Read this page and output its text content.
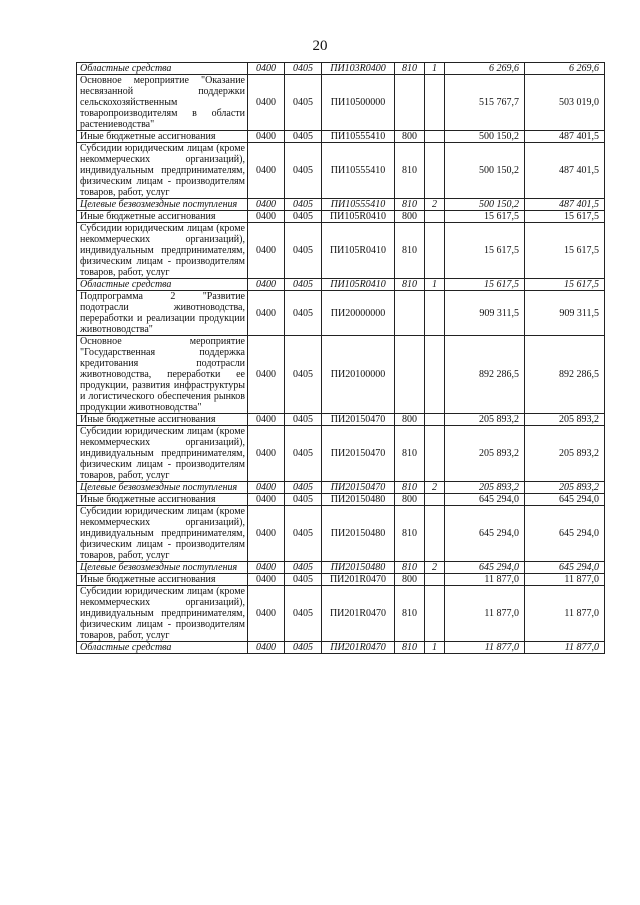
20
Областные средства	0400	0405	ПИ103R0400	810	1	6 269,6	6 269,6
Основное мероприятие "Оказание несвязанной поддержки сельскохозяйственным товаропроизводителям в области растениеводства"	0400	0405	ПИ10500000			515 767,7	503 019,0
Иные бюджетные ассигнования	0400	0405	ПИ10555410	800		500 150,2	487 401,5
Субсидии юридическим лицам (кроме некоммерческих организаций), индивидуальным предпринимателям, физическим лицам - производителям товаров, работ, услуг	0400	0405	ПИ10555410	810		500 150,2	487 401,5
Целевые безвозмездные поступления	0400	0405	ПИ10555410	810	2	500 150,2	487 401,5
Иные бюджетные ассигнования	0400	0405	ПИ105R0410	800		15 617,5	15 617,5
Субсидии юридическим лицам (кроме некоммерческих организаций), индивидуальным предпринимателям, физическим лицам - производителям товаров, работ, услуг	0400	0405	ПИ105R0410	810		15 617,5	15 617,5
Областные средства	0400	0405	ПИ105R0410	810	1	15 617,5	15 617,5
Подпрограмма 2 "Развитие подотрасли животноводства, переработки и реализации продукции животноводства"	0400	0405	ПИ20000000			909 311,5	909 311,5
Основное мероприятие "Государственная поддержка кредитования подотрасли животноводства, переработки ее продукции, развития инфраструктуры и логистического обеспечения рынков продукции животноводства"	0400	0405	ПИ20100000			892 286,5	892 286,5
Иные бюджетные ассигнования	0400	0405	ПИ20150470	800		205 893,2	205 893,2
Субсидии юридическим лицам (кроме некоммерческих организаций), индивидуальным предпринимателям, физическим лицам - производителям товаров, работ, услуг	0400	0405	ПИ20150470	810		205 893,2	205 893,2
Целевые безвозмездные поступления	0400	0405	ПИ20150470	810	2	205 893,2	205 893,2
Иные бюджетные ассигнования	0400	0405	ПИ20150480	800		645 294,0	645 294,0
Субсидии юридическим лицам (кроме некоммерческих организаций), индивидуальным предпринимателям, физическим лицам - производителям товаров, работ, услуг	0400	0405	ПИ20150480	810		645 294,0	645 294,0
Целевые безвозмездные поступления	0400	0405	ПИ20150480	810	2	645 294,0	645 294,0
Иные бюджетные ассигнования	0400	0405	ПИ201R0470	800		11 877,0	11 877,0
Субсидии юридическим лицам (кроме некоммерческих организаций), индивидуальным предпринимателям, физическим лицам - производителям товаров, работ, услуг	0400	0405	ПИ201R0470	810		11 877,0	11 877,0
Областные средства	0400	0405	ПИ201R0470	810	1	11 877,0	11 877,0
